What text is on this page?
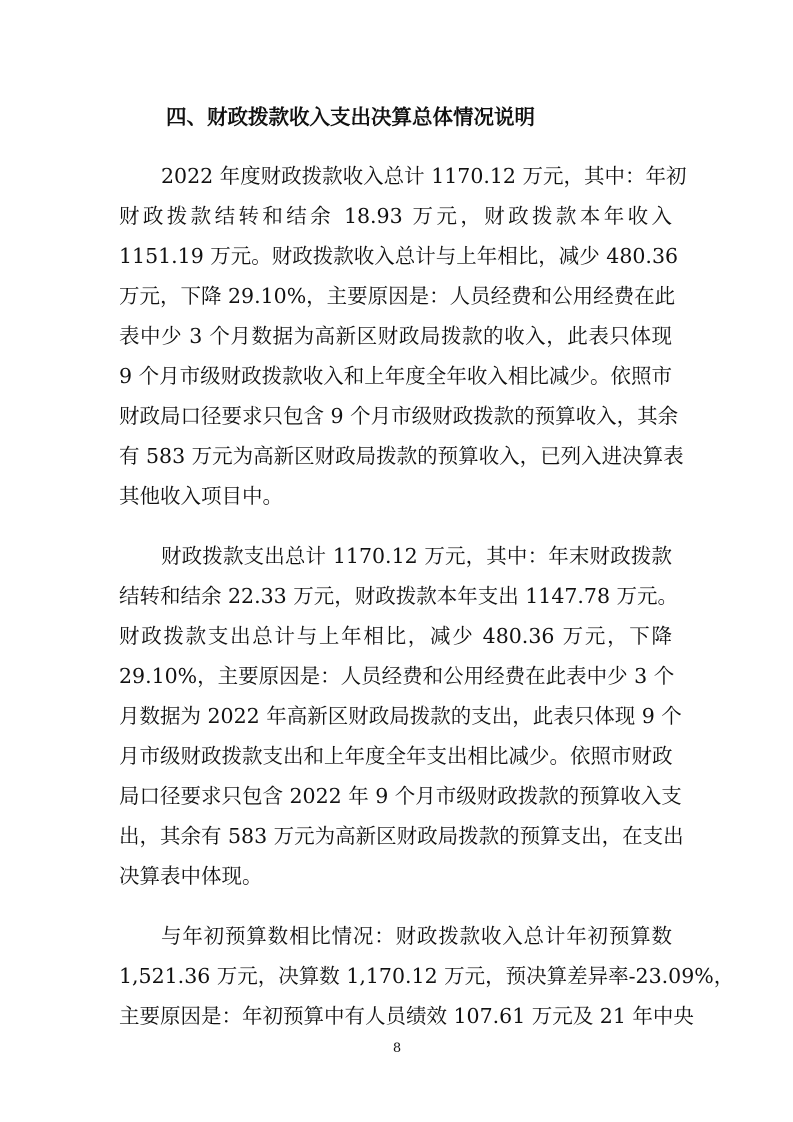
四、财政拨款收入支出决算总体情况说明
2022 年度财政拨款收入总计 1170.12 万元，其中：年初
财政拨款结转和结余 18.93 万元，财政拨款本年收入
1151.19 万元。财政拨款收入总计与上年相比，减少 480.36
万元，下降 29.10%，主要原因是：人员经费和公用经费在此
表中少 3 个月数据为高新区财政局拨款的收入，此表只体现
9 个月市级财政拨款收入和上年度全年收入相比减少。依照市
财政局口径要求只包含 9 个月市级财政拨款的预算收入，其余
有 583 万元为高新区财政局拨款的预算收入，已列入进决算表
其他收入项目中。
财政拨款支出总计 1170.12 万元，其中：年末财政拨款
结转和结余 22.33 万元，财政拨款本年支出 1147.78 万元。
财政拨款支出总计与上年相比，减少 480.36 万元，下降
29.10%，主要原因是：人员经费和公用经费在此表中少 3 个
月数据为 2022 年高新区财政局拨款的支出，此表只体现 9 个
月市级财政拨款支出和上年度全年支出相比减少。依照市财政
局口径要求只包含 2022 年 9 个月市级财政拨款的预算收入支
出，其余有 583 万元为高新区财政局拨款的预算支出，在支出
决算表中体现。
与年初预算数相比情况：财政拨款收入总计年初预算数
1,521.36 万元，决算数 1,170.12 万元，预决算差异率-23.09%，
主要原因是：年初预算中有人员绩效 107.61 万元及 21 年中央
8
